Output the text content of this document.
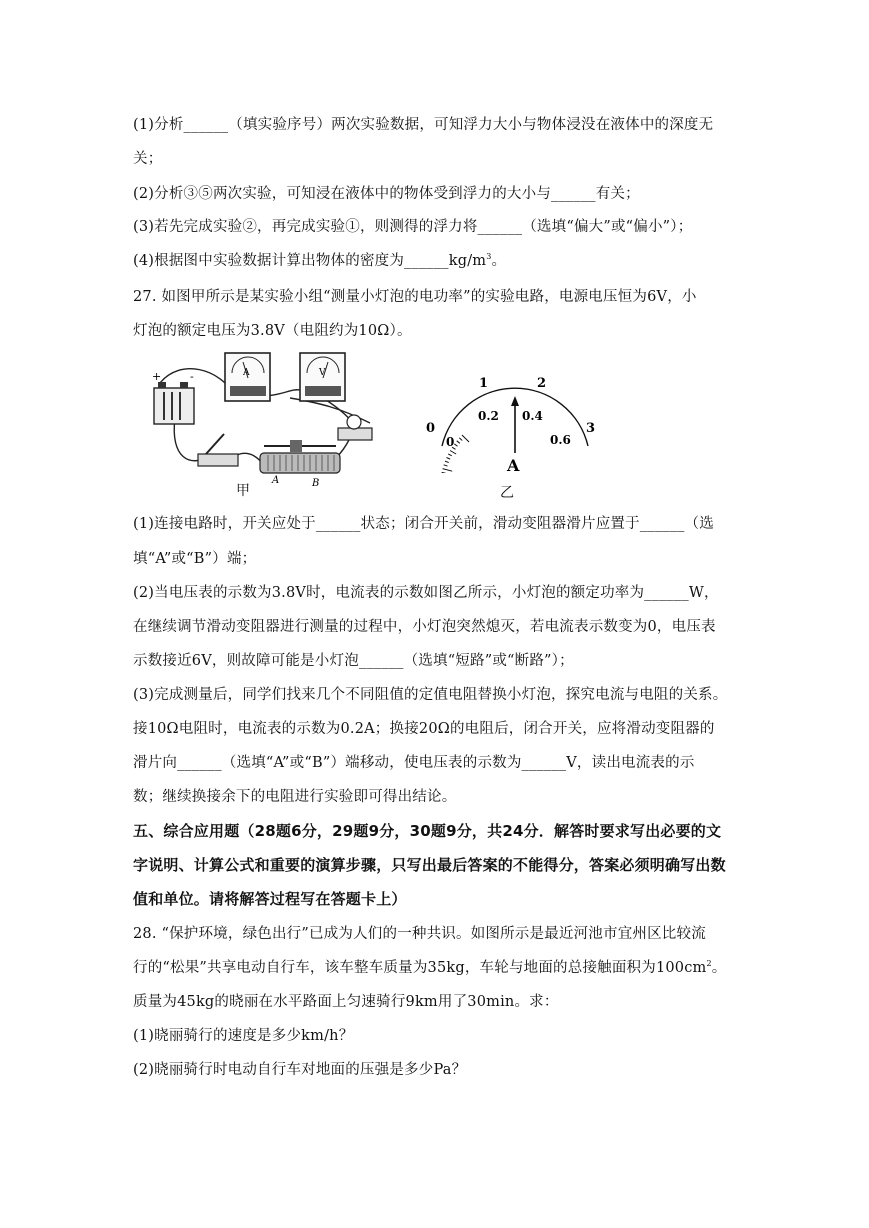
(1)分析______（填实验序号）两次实验数据，可知浮力大小与物体浸没在液体中的深度无
关；
(2)分析③⑤两次实验，可知浸在液体中的物体受到浮力的大小与______有关；
(3)若先完成实验②，再完成实验①，则测得的浮力将______（选填“偏大”或“偏小”）；
(4)根据图中实验数据计算出物体的密度为$\_\_\_\_\_\_kg/m^3$。
27. 如图甲所示是某实验小组“测量小灯泡的电功率”的实验电路，电源电压恒为6V，小
灯泡的额定电压为3.8V（电阻约为10Ω）。
+	-	A	V
A	B
甲
0
1	2
3
0
0.2 0.4
0.6
A
乙
(1)连接电路时，开关应处于______状态；闭合开关前，滑动变阻器滑片应置于______（选
填“A”或“B”）端；
(2)当电压表的示数为3.8V时，电流表的示数如图乙所示，小灯泡的额定功率为______W，
在继续调节滑动变阻器进行测量的过程中，小灯泡突然熄灭，若电流表示数变为0，电压表
示数接近6V，则故障可能是小灯泡______（选填“短路”或“断路”）；
(3)完成测量后，同学们找来几个不同阻值的定值电阻替换小灯泡，探究电流与电阻的关系。
接10Ω电阻时，电流表的示数为0.2A；换接20Ω的电阻后，闭合开关，应将滑动变阻器的
滑片向______（选填“A”或“B”）端移动，使电压表的示数为______V，读出电流表的示
数；继续换接余下的电阻进行实验即可得出结论。
五、综合应用题（28题6分，29题9分，30题9分，共24分．解答时要求写出必要的文
字说明、计算公式和重要的演算步骤，只写出最后答案的不能得分，答案必须明确写出数
值和单位。请将解答过程写在答题卡上）
28. “保护环境，绿色出行”已成为人们的一种共识。如图所示是最近河池市宜州区比较流
行的“松果”共享电动自行车，该车整车质量为35kg，车轮与地面的总接触面积为$100cm^2$。
质量为45kg的晓丽在水平路面上匀速骑行9km用了30min。求：
(1)晓丽骑行的速度是多少km/h？
(2)晓丽骑行时电动自行车对地面的压强是多少Pa？
